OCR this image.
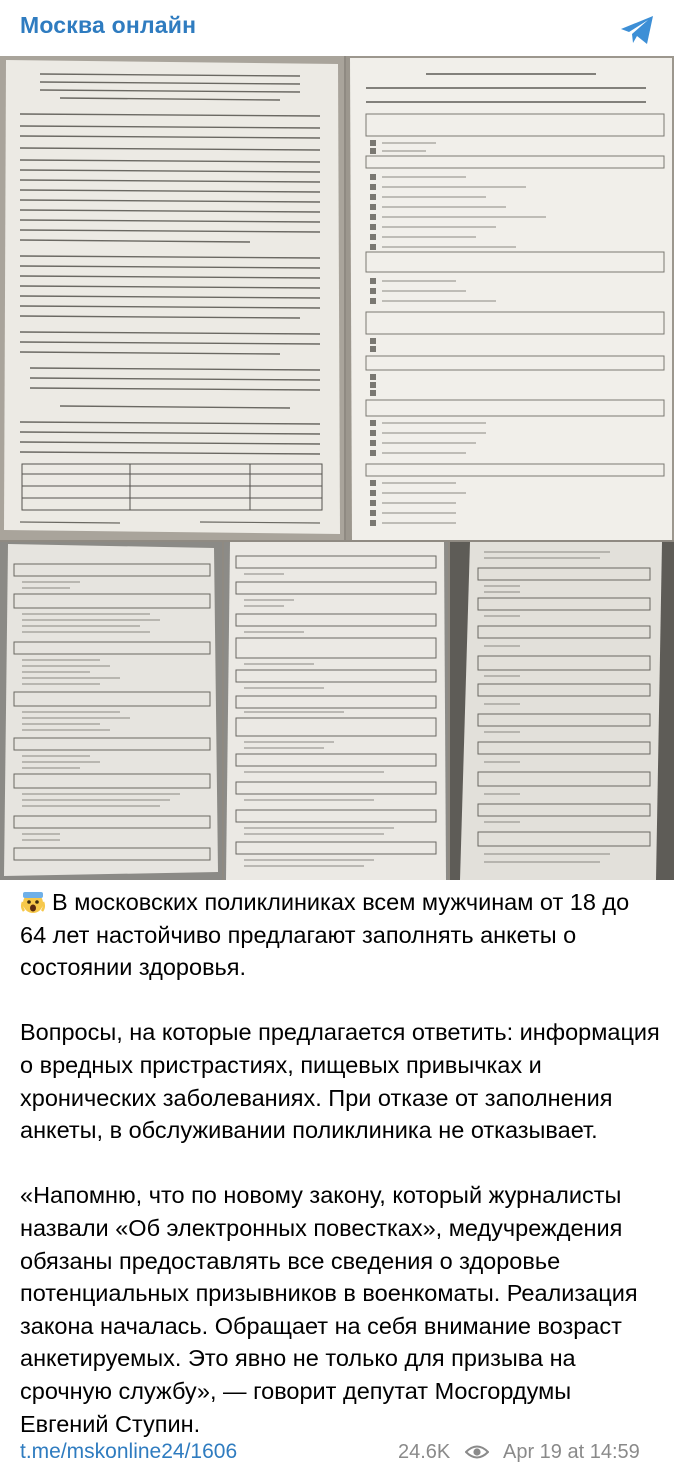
Москва онлайн

В московских поликлиниках всем мужчинам от 18 до 64 лет настойчиво предлагают заполнять анкеты о состоянии здоровья.

Вопросы, на которые предлагается ответить: информация о вредных пристрастиях, пищевых привычках и хронических заболеваниях. При отказе от заполнения анкеты, в обслуживании поликлиника не отказывает.

«Напомню, что по новому закону, который журналисты назвали «Об электронных повестках», медучреждения обязаны предоставлять все сведения о здоровье потенциальных призывников в военкоматы. Реализация закона началась. Обращает на себя внимание возраст анкетируемых. Это явно не только для призыва на срочную службу», — говорит депутат Мосгордумы Евгений Ступин.

t.me/mskonline24/1606	24.6K	Apr 19 at 14:59
